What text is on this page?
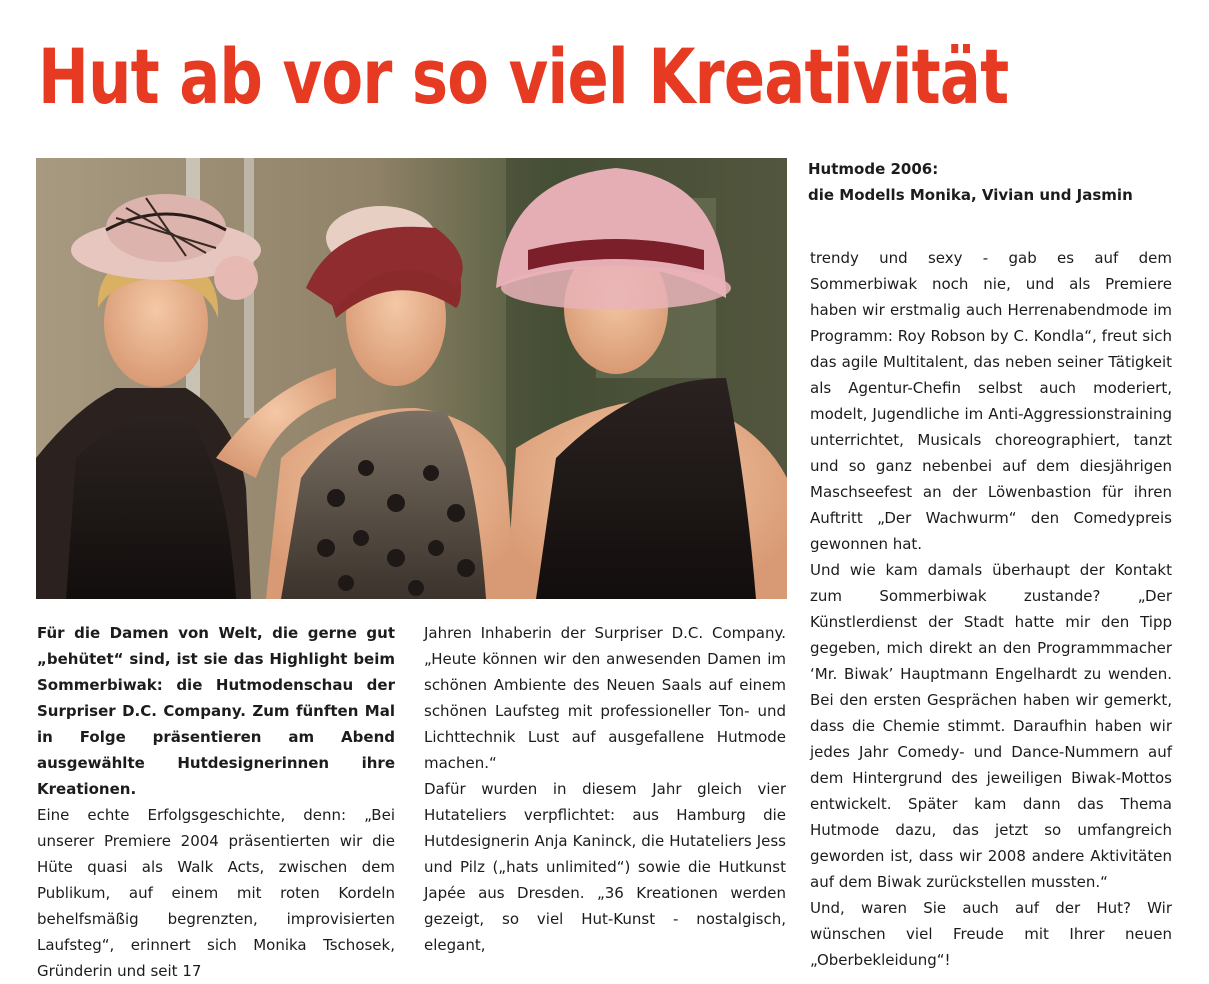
Hut ab vor so viel Kreativität
Hutmode 2006:
die Modells Monika, Vivian und Jasmin

Für die Damen von Welt, die gerne gut „behütet“ sind, ist sie das Highlight beim Sommerbiwak: die Hutmodenschau der Surpriser D.C. Company. Zum fünften Mal in Folge präsentieren am Abend ausgewählte Hutdesignerinnen ihre Kreationen.

Eine echte Erfolgsgeschichte, denn: „Bei unserer Premiere 2004 präsentierten wir die Hüte quasi als Walk Acts, zwischen dem Publikum, auf einem mit roten Kordeln behelfsmäßig begrenzten, improvisierten Laufsteg“, erinnert sich Monika Tschosek, Gründerin und seit 17

Jahren Inhaberin der Surpriser D.C. Company. „Heute können wir den anwesenden Damen im schönen Ambiente des Neuen Saals auf einem schönen Laufsteg mit professioneller Ton- und Lichttechnik Lust auf ausgefallene Hutmode machen.“

Dafür wurden in diesem Jahr gleich vier Hutateliers verpflichtet: aus Hamburg die Hutdesignerin Anja Kaninck, die Hutateliers Jess und Pilz („hats unlimited“) sowie die Hutkunst Japée aus Dresden. „36 Kreationen werden gezeigt, so viel Hut-Kunst - nostalgisch, elegant,

trendy und sexy - gab es auf dem Sommerbiwak noch nie, und als Premiere haben wir erstmalig auch Herrenabendmode im Programm: Roy Robson by C. Kondla“, freut sich das agile Multitalent, das neben seiner Tätigkeit als Agentur-Chefin selbst auch moderiert, modelt, Jugendliche im Anti-Aggressionstraining unterrichtet, Musicals choreographiert, tanzt und so ganz nebenbei auf dem diesjährigen Maschseefest an der Löwenbastion für ihren Auftritt „Der Wachwurm“ den Comedypreis gewonnen hat.

Und wie kam damals überhaupt der Kontakt zum Sommerbiwak zustande? „Der Künstlerdienst der Stadt hatte mir den Tipp gegeben, mich direkt an den Programmmacher ‘Mr. Biwak’ Hauptmann Engelhardt zu wenden. Bei den ersten Gesprächen haben wir gemerkt, dass die Chemie stimmt. Daraufhin haben wir jedes Jahr Comedy- und Dance-Nummern auf dem Hintergrund des jeweiligen Biwak-Mottos entwickelt. Später kam dann das Thema Hutmode dazu, das jetzt so umfangreich geworden ist, dass wir 2008 andere Aktivitäten auf dem Biwak zurückstellen mussten.“

Und, waren Sie auch auf der Hut? Wir wünschen viel Freude mit Ihrer neuen „Oberbekleidung“!
